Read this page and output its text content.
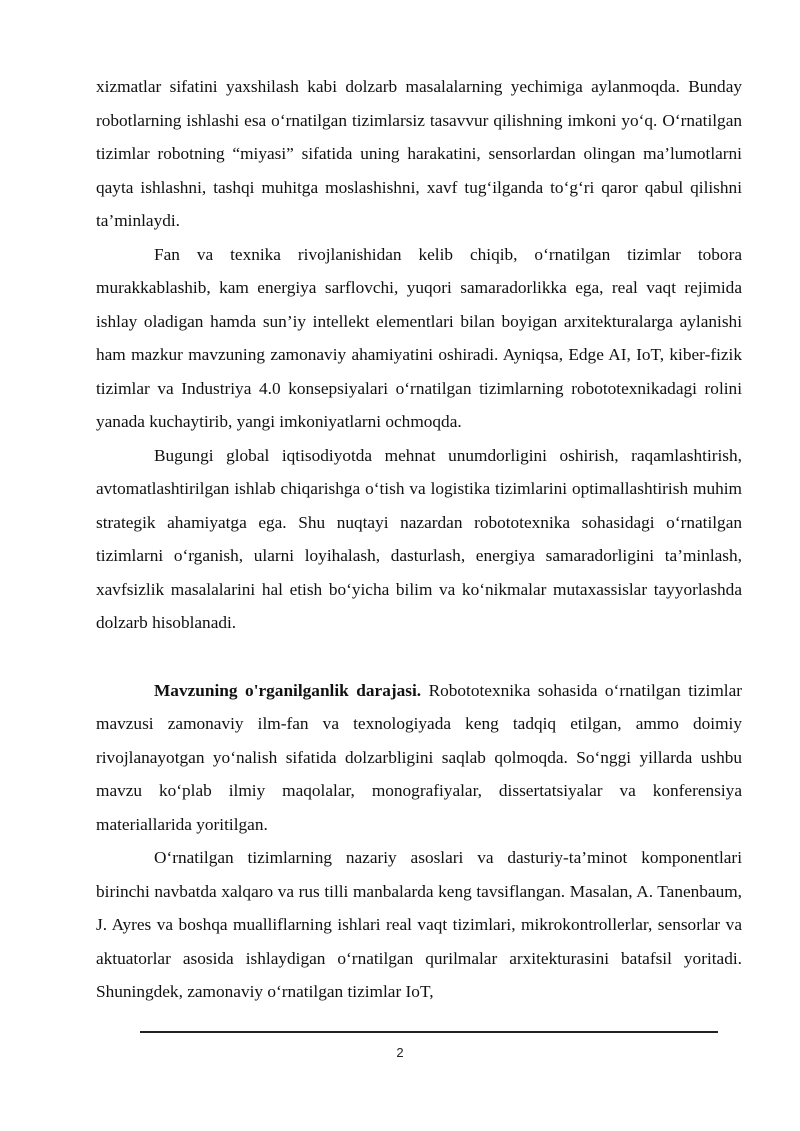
xizmatlar sifatini yaxshilash kabi dolzarb masalalarning yechimiga aylanmoqda. Bunday robotlarning ishlashi esa o‘rnatilgan tizimlarsiz tasavvur qilishning imkoni yo‘q. O‘rnatilgan tizimlar robotning “miyasi” sifatida uning harakatini, sensorlardan olingan ma’lumotlarni qayta ishlashni, tashqi muhitga moslashishni, xavf tug‘ilganda to‘g‘ri qaror qabul qilishni ta’minlaydi.

Fan va texnika rivojlanishidan kelib chiqib, o‘rnatilgan tizimlar tobora murakkablashib, kam energiya sarflovchi, yuqori samaradorlikka ega, real vaqt rejimida ishlay oladigan hamda sun’iy intellekt elementlari bilan boyigan arxitekturalarga aylanishi ham mazkur mavzuning zamonaviy ahamiyatini oshiradi. Ayniqsa, Edge AI, IoT, kiber-fizik tizimlar va Industriya 4.0 konsepsiyalari o‘rnatilgan tizimlarning robototexnikadagi rolini yanada kuchaytirib, yangi imkoniyatlarni ochmoqda.

Bugungi global iqtisodiyotda mehnat unumdorligini oshirish, raqamlashtirish, avtomatlashtirilgan ishlab chiqarishga o‘tish va logistika tizimlarini optimallashtirish muhim strategik ahamiyatga ega. Shu nuqtayi nazardan robototexnika sohasidagi o‘rnatilgan tizimlarni o‘rganish, ularni loyihalash, dasturlash, energiya samaradorligini ta’minlash, xavfsizlik masalalarini hal etish bo‘yicha bilim va ko‘nikmalar mutaxassislar tayyorlashda dolzarb hisoblanadi.

Mavzuning o'rganilganlik darajasi. Robototexnika sohasida o‘rnatilgan tizimlar mavzusi zamonaviy ilm-fan va texnologiyada keng tadqiq etilgan, ammo doimiy rivojlanayotgan yo‘nalish sifatida dolzarbligini saqlab qolmoqda. So‘nggi yillarda ushbu mavzu ko‘plab ilmiy maqolalar, monografiyalar, dissertatsiyalar va konferensiya materiallarida yoritilgan.

O‘rnatilgan tizimlarning nazariy asoslari va dasturiy-ta’minot komponentlari birinchi navbatda xalqaro va rus tilli manbalarda keng tavsiflangan. Masalan, A. Tanenbaum, J. Ayres va boshqa mualliflarning ishlari real vaqt tizimlari, mikrokontrollerlar, sensorlar va aktuatorlar asosida ishlaydigan o‘rnatilgan qurilmalar arxitekturasini batafsil yoritadi. Shuningdek, zamonaviy o‘rnatilgan tizimlar IoT,

2
